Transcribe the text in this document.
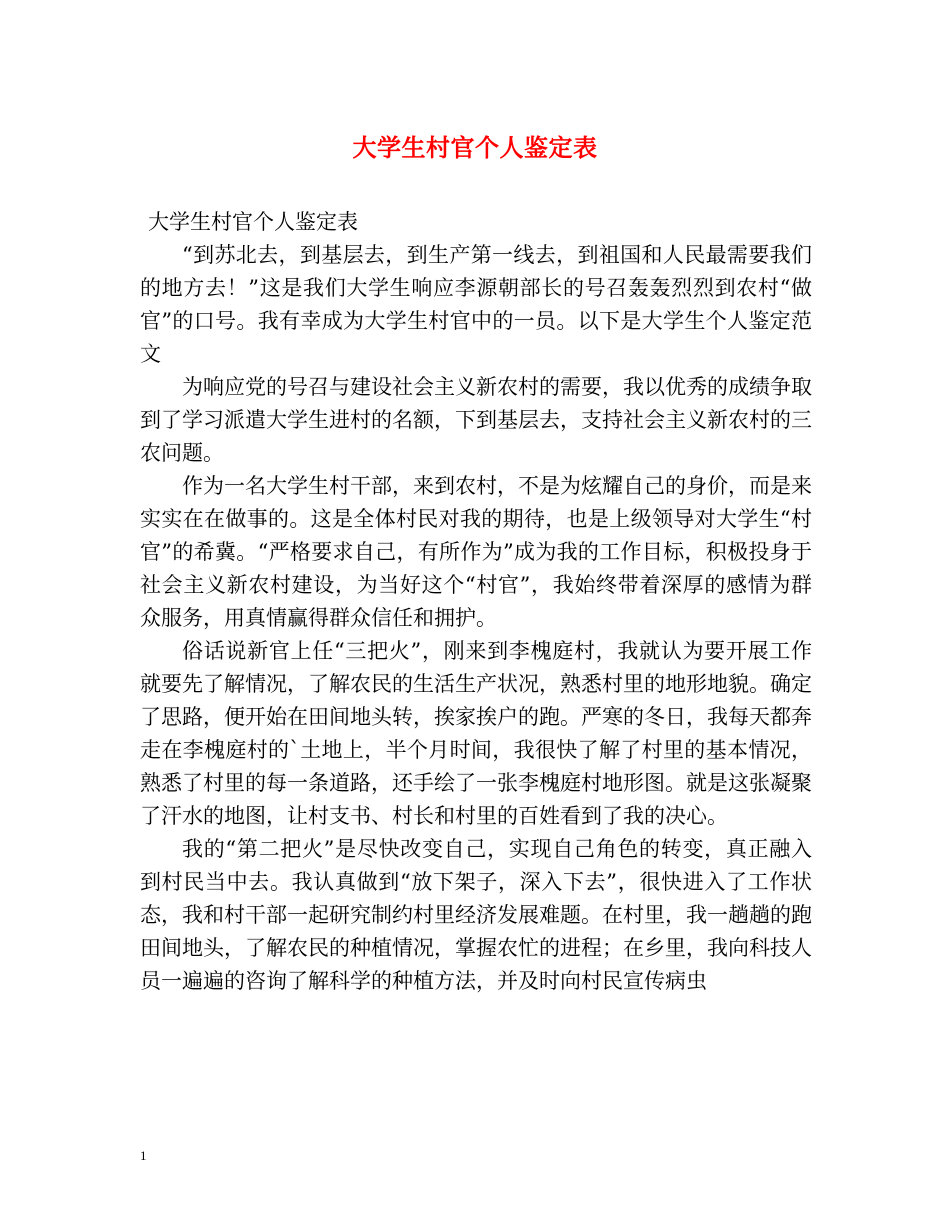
大学生村官个人鉴定表

大学生村官个人鉴定表

“到苏北去，到基层去，到生产第一线去，到祖国和人民最需要我们的地方去！”这是我们大学生响应李源朝部长的号召轰轰烈烈到农村“做官”的口号。我有幸成为大学生村官中的一员。以下是大学生个人鉴定范文

为响应党的号召与建设社会主义新农村的需要，我以优秀的成绩争取到了学习派遣大学生进村的名额，下到基层去，支持社会主义新农村的三农问题。

作为一名大学生村干部，来到农村，不是为炫耀自己的身价，而是来实实在在做事的。这是全体村民对我的期待，也是上级领导对大学生“村官”的希冀。“严格要求自己，有所作为”成为我的工作目标，积极投身于社会主义新农村建设，为当好这个“村官”，我始终带着深厚的感情为群众服务，用真情赢得群众信任和拥护。

俗话说新官上任“三把火”，刚来到李槐庭村，我就认为要开展工作就要先了解情况，了解农民的生活生产状况，熟悉村里的地形地貌。确定了思路，便开始在田间地头转，挨家挨户的跑。严寒的冬日，我每天都奔走在李槐庭村的`土地上，半个月时间，我很快了解了村里的基本情况，熟悉了村里的每一条道路，还手绘了一张李槐庭村地形图。就是这张凝聚了汗水的地图，让村支书、村长和村里的百姓看到了我的决心。

我的“第二把火”是尽快改变自己，实现自己角色的转变，真正融入到村民当中去。我认真做到“放下架子，深入下去”，很快进入了工作状态，我和村干部一起研究制约村里经济发展难题。在村里，我一趟趟的跑田间地头，了解农民的种植情况，掌握农忙的进程；在乡里，我向科技人员一遍遍的咨询了解科学的种植方法，并及时向村民宣传病虫

1
